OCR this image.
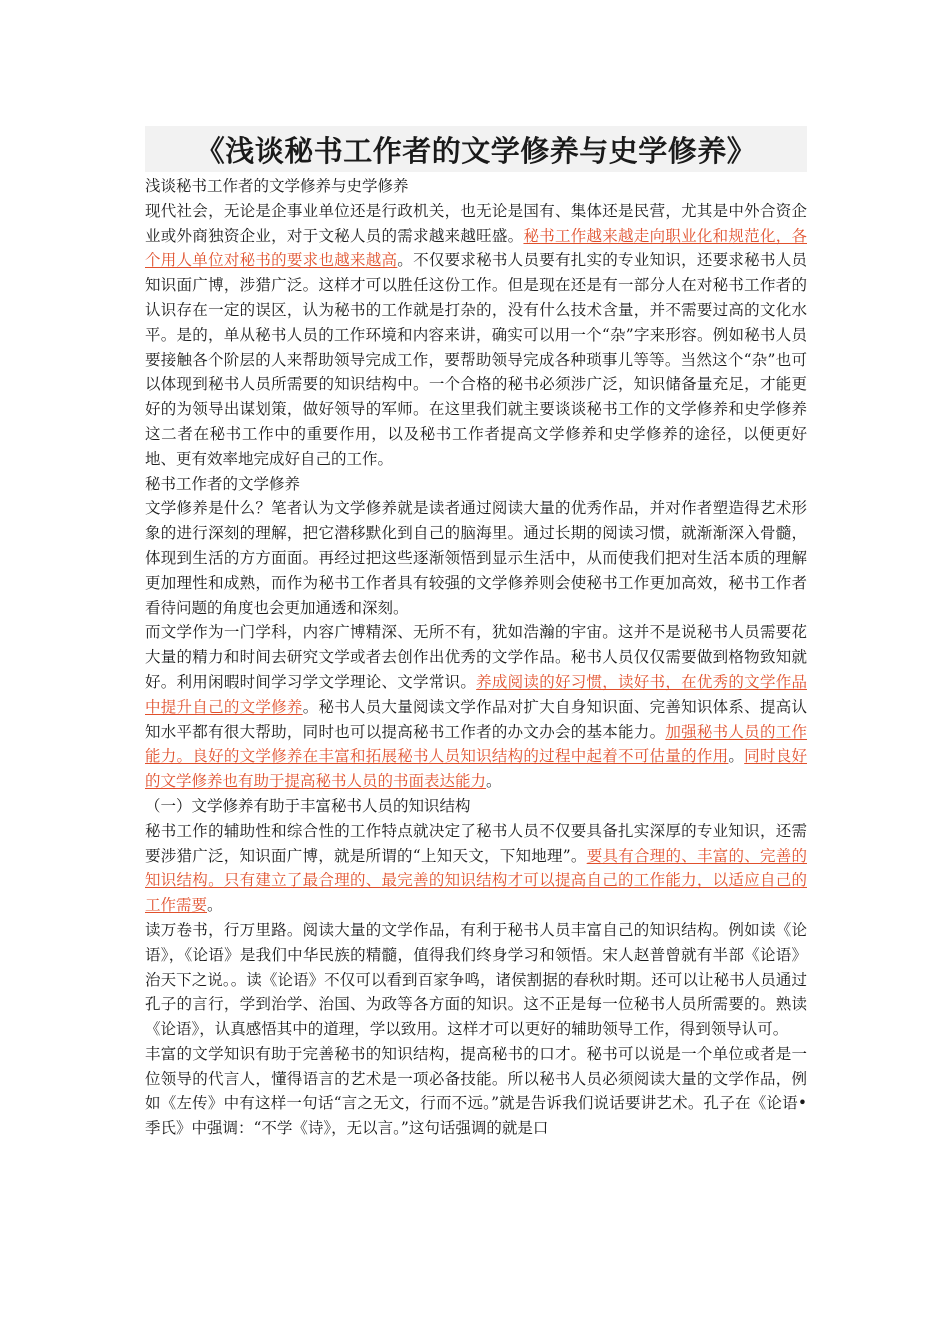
《浅谈秘书工作者的文学修养与史学修养》
浅谈秘书工作者的文学修养与史学修养
现代社会，无论是企事业单位还是行政机关，也无论是国有、集体还是民营，尤其是中外合资企业或外商独资企业，对于文秘人员的需求越来越旺盛。秘书工作越来越走向职业化和规范化，各个用人单位对秘书的要求也越来越高。不仅要求秘书人员要有扎实的专业知识，还要求秘书人员知识面广博，涉猎广泛。这样才可以胜任这份工作。但是现在还是有一部分人在对秘书工作者的认识存在一定的误区，认为秘书的工作就是打杂的，没有什么技术含量，并不需要过高的文化水平。是的，单从秘书人员的工作环境和内容来讲，确实可以用一个“杂”字来形容。例如秘书人员要接触各个阶层的人来帮助领导完成工作，要帮助领导完成各种琐事儿等等。当然这个“杂”也可以体现到秘书人员所需要的知识结构中。一个合格的秘书必须涉广泛，知识储备量充足，才能更好的为领导出谋划策，做好领导的军师。在这里我们就主要谈谈秘书工作的文学修养和史学修养这二者在秘书工作中的重要作用，以及秘书工作者提高文学修养和史学修养的途径，以便更好地、更有效率地完成好自己的工作。
秘书工作者的文学修养
文学修养是什么？笔者认为文学修养就是读者通过阅读大量的优秀作品，并对作者塑造得艺术形象的进行深刻的理解，把它潜移默化到自己的脑海里。通过长期的阅读习惯，就渐渐深入骨髓，体现到生活的方方面面。再经过把这些逐渐领悟到显示生活中，从而使我们把对生活本质的理解更加理性和成熟，而作为秘书工作者具有较强的文学修养则会使秘书工作更加高效，秘书工作者看待问题的角度也会更加通透和深刻。
而文学作为一门学科，内容广博精深、无所不有，犹如浩瀚的宇宙。这并不是说秘书人员需要花大量的精力和时间去研究文学或者去创作出优秀的文学作品。秘书人员仅仅需要做到格物致知就好。利用闲暇时间学习学文学理论、文学常识。养成阅读的好习惯，读好书，在优秀的文学作品中提升自己的文学修养。秘书人员大量阅读文学作品对扩大自身知识面、完善知识体系、提高认知水平都有很大帮助，同时也可以提高秘书工作者的办文办会的基本能力。加强秘书人员的工作能力。良好的文学修养在丰富和拓展秘书人员知识结构的过程中起着不可估量的作用。同时良好的文学修养也有助于提高秘书人员的书面表达能力。
（一）文学修养有助于丰富秘书人员的知识结构
秘书工作的辅助性和综合性的工作特点就决定了秘书人员不仅要具备扎实深厚的专业知识，还需要涉猎广泛，知识面广博，就是所谓的“上知天文，下知地理”。要具有合理的、丰富的、完善的知识结构。只有建立了最合理的、最完善的知识结构才可以提高自己的工作能力，以适应自己的工作需要。
读万卷书，行万里路。阅读大量的文学作品，有利于秘书人员丰富自己的知识结构。例如读《论语》，《论语》是我们中华民族的精髓，值得我们终身学习和领悟。宋人赵普曾就有半部《论语》治天下之说。。读《论语》不仅可以看到百家争鸣，诸侯割据的春秋时期。还可以让秘书人员通过孔子的言行，学到治学、治国、为政等各方面的知识。这不正是每一位秘书人员所需要的。熟读《论语》，认真感悟其中的道理，学以致用。这样才可以更好的辅助领导工作，得到领导认可。
丰富的文学知识有助于完善秘书的知识结构，提高秘书的口才。秘书可以说是一个单位或者是一位领导的代言人，懂得语言的艺术是一项必备技能。所以秘书人员必须阅读大量的文学作品，例如《左传》中有这样一句话“言之无文，行而不远。”就是告诉我们说话要讲艺术。孔子在《论语•季氏》中强调：“不学《诗》，无以言。”这句话强调的就是口
